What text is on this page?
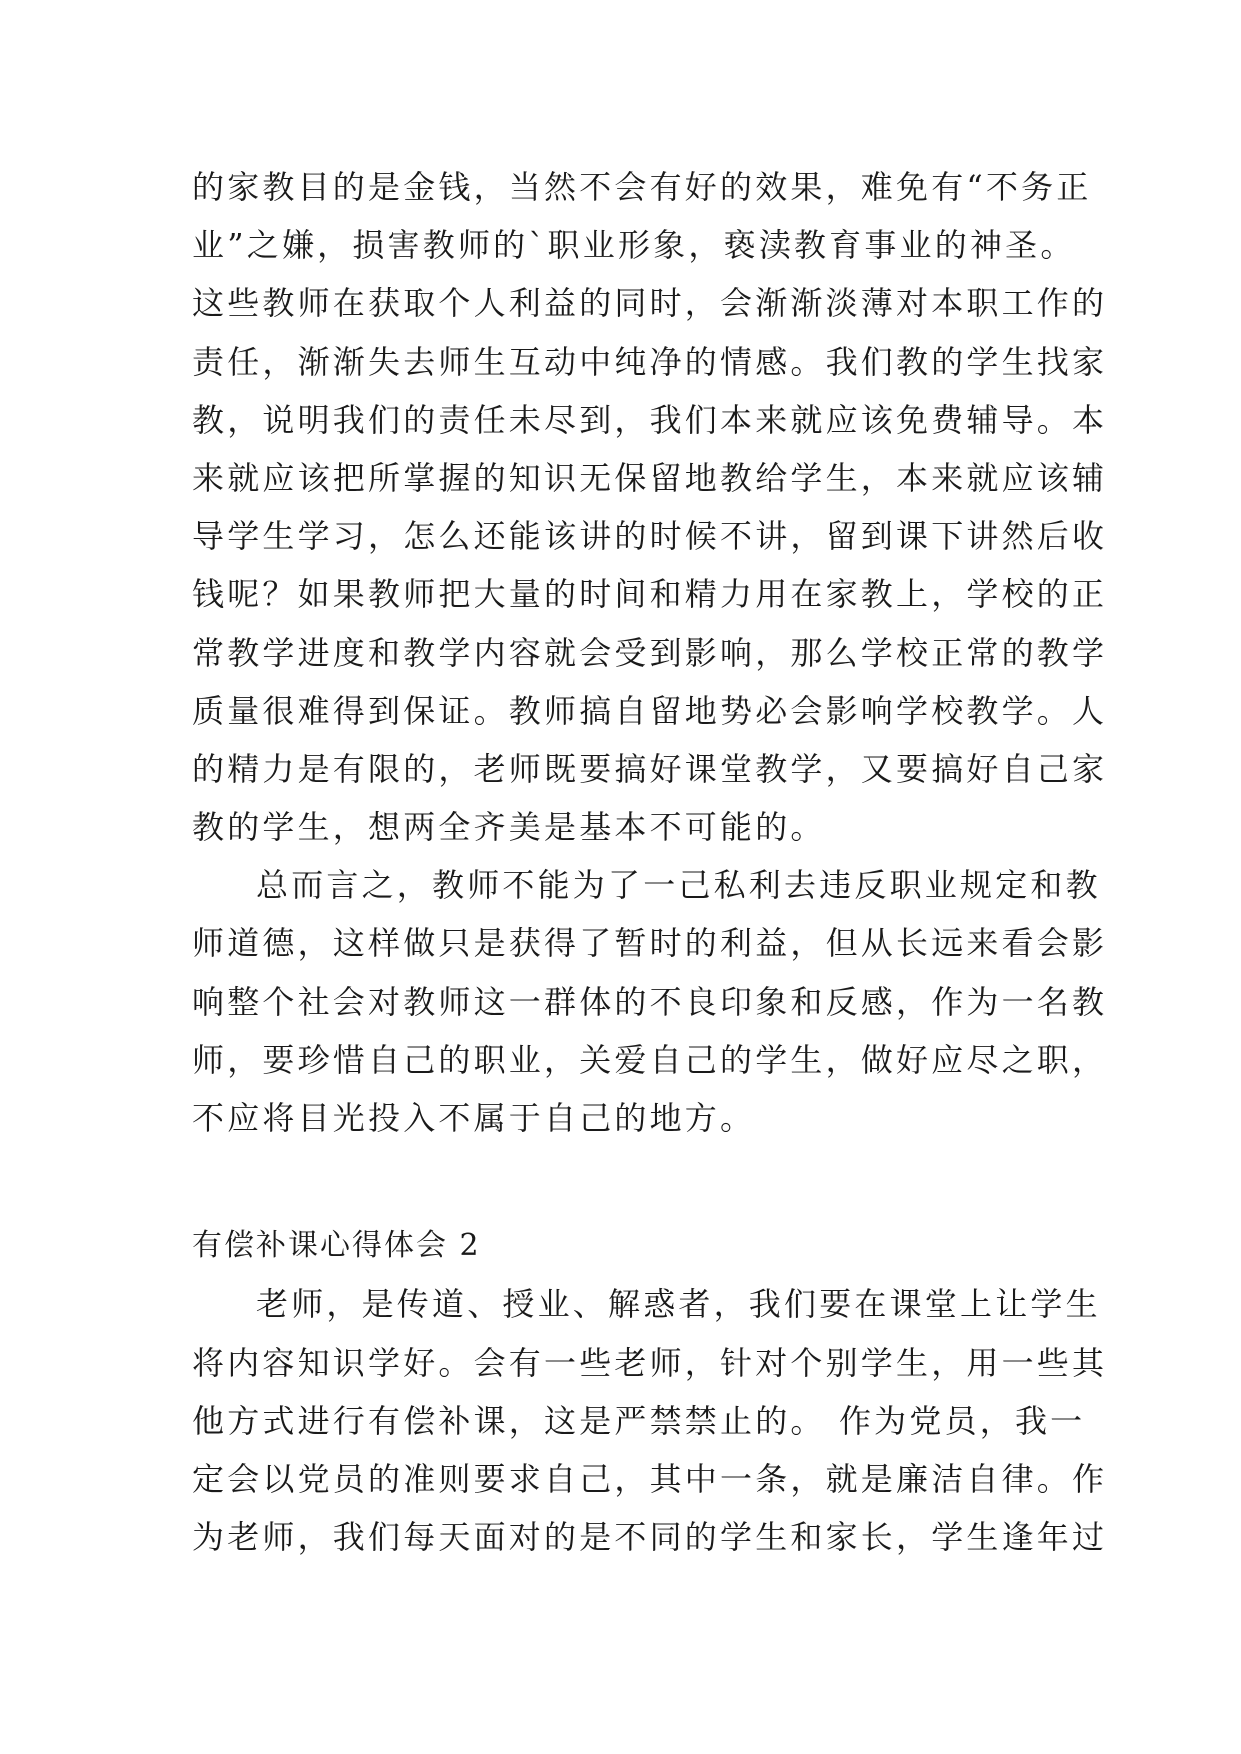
的家教目的是金钱，当然不会有好的效果，难免有“不务正
业”之嫌，损害教师的`职业形象，亵渎教育事业的神圣。
这些教师在获取个人利益的同时，会渐渐淡薄对本职工作的
责任，渐渐失去师生互动中纯净的情感。我们教的学生找家
教，说明我们的责任未尽到，我们本来就应该免费辅导。本
来就应该把所掌握的知识无保留地教给学生，本来就应该辅
导学生学习，怎么还能该讲的时候不讲，留到课下讲然后收
钱呢？如果教师把大量的时间和精力用在家教上，学校的正
常教学进度和教学内容就会受到影响，那么学校正常的教学
质量很难得到保证。教师搞自留地势必会影响学校教学。人
的精力是有限的，老师既要搞好课堂教学，又要搞好自己家
教的学生，想两全齐美是基本不可能的。
总而言之，教师不能为了一己私利去违反职业规定和教
师道德，这样做只是获得了暂时的利益，但从长远来看会影
响整个社会对教师这一群体的不良印象和反感，作为一名教
师，要珍惜自己的职业，关爱自己的学生，做好应尽之职，
不应将目光投入不属于自己的地方。
有偿补课心得体会 2
老师，是传道、授业、解惑者，我们要在课堂上让学生
将内容知识学好。会有一些老师，针对个别学生，用一些其
他方式进行有偿补课，这是严禁禁止的。 作为党员，我一
定会以党员的准则要求自己，其中一条，就是廉洁自律。作
为老师，我们每天面对的是不同的学生和家长，学生逢年过
